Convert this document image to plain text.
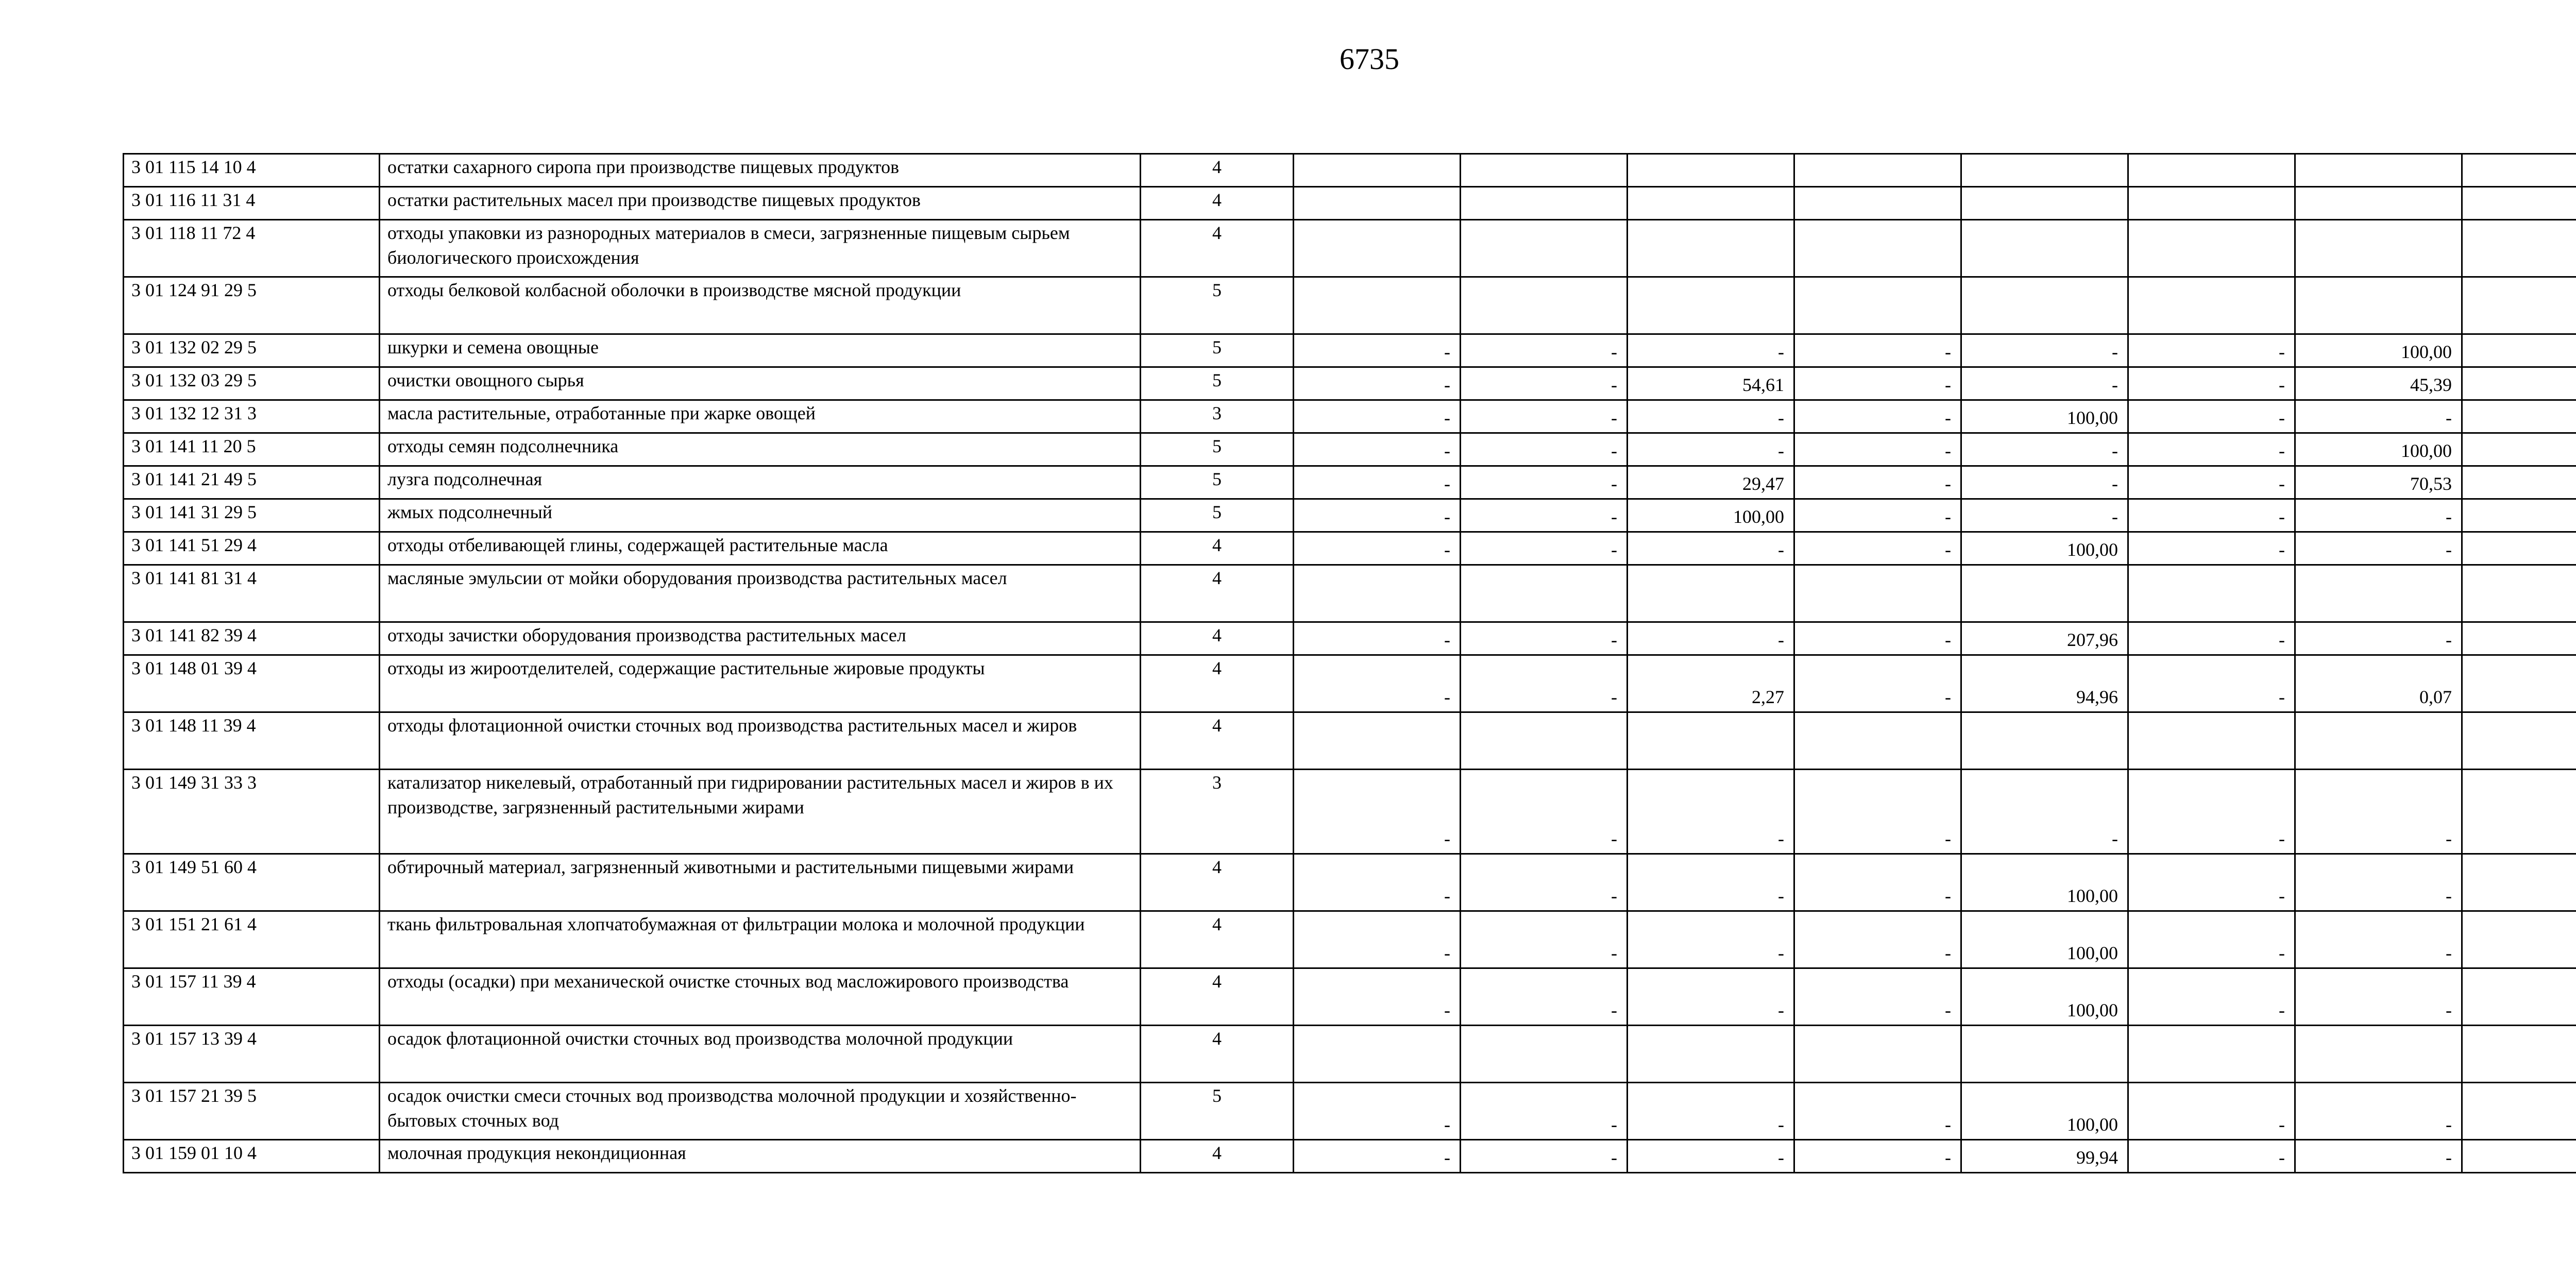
6735
3 01 115 14 10 4	остатки сахарного сиропа при производстве пищевых продуктов	4								
3 01 116 11 31 4	остатки растительных масел при производстве пищевых продуктов	4								
3 01 118 11 72 4	отходы упаковки из разнородных материалов в смеси, загрязненные пищевым сырьем биологического происхождения	4								
3 01 124 91 29 5	отходы белковой колбасной оболочки в производстве мясной продукции	5								
3 01 132 02 29 5	шкурки и семена овощные	5	-	-	-	-	-	-	100,00	
3 01 132 03 29 5	очистки овощного сырья	5	-	-	54,61	-	-	-	45,39	
3 01 132 12 31 3	масла растительные, отработанные при жарке овощей	3	-	-	-	-	100,00	-	-	
3 01 141 11 20 5	отходы семян подсолнечника	5	-	-	-	-	-	-	100,00	
3 01 141 21 49 5	лузга подсолнечная	5	-	-	29,47	-	-	-	70,53	
3 01 141 31 29 5	жмых подсолнечный	5	-	-	100,00	-	-	-	-	
3 01 141 51 29 4	отходы отбеливающей глины, содержащей растительные масла	4	-	-	-	-	100,00	-	-	
3 01 141 81 31 4	масляные эмульсии от мойки оборудования производства растительных масел	4								
3 01 141 82 39 4	отходы зачистки оборудования производства растительных масел	4	-	-	-	-	207,96	-	-	
3 01 148 01 39 4	отходы из жироотделителей, содержащие растительные жировые продукты	4	-	-	2,27	-	94,96	-	0,07	
3 01 148 11 39 4	отходы флотационной очистки сточных вод производства растительных масел и жиров	4								
3 01 149 31 33 3	катализатор никелевый, отработанный при гидрировании растительных масел и жиров в их производстве, загрязненный растительными жирами	3	-	-	-	-	-	-	-	
3 01 149 51 60 4	обтирочный материал, загрязненный животными и растительными пищевыми жирами	4	-	-	-	-	100,00	-	-	
3 01 151 21 61 4	ткань фильтровальная хлопчатобумажная от фильтрации молока и молочной продукции	4	-	-	-	-	100,00	-	-	
3 01 157 11 39 4	отходы (осадки) при механической очистке сточных вод масложирового производства	4	-	-	-	-	100,00	-	-	
3 01 157 13 39 4	осадок флотационной очистки сточных вод производства молочной продукции	4								
3 01 157 21 39 5	осадок очистки смеси сточных вод производства молочной продукции и хозяйственно-бытовых сточных вод	5	-	-	-	-	100,00	-	-	
3 01 159 01 10 4	молочная продукция некондиционная	4	-	-	-	-	99,94	-	-	
